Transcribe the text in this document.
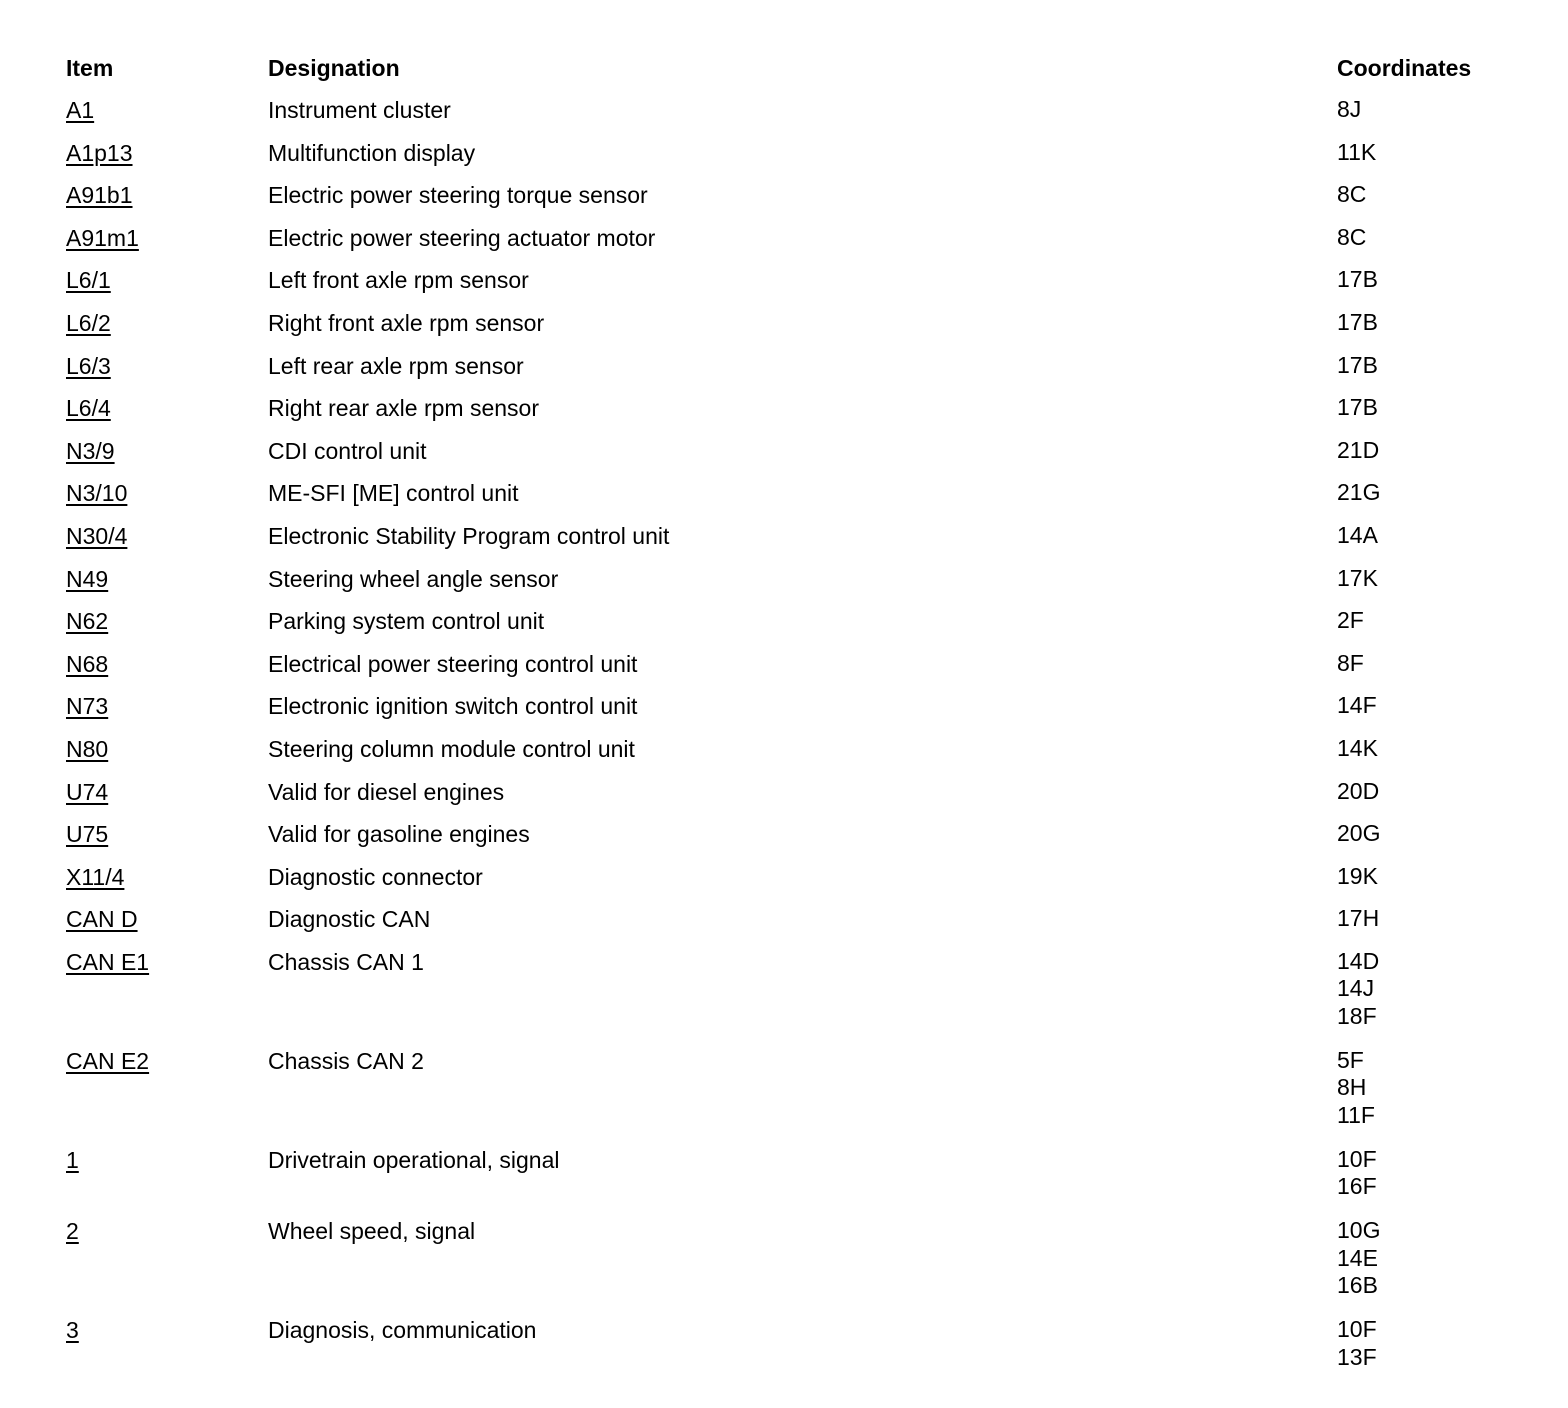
Item	Designation	Coordinates
A1	Instrument cluster	8J
A1p13	Multifunction display	11K
A91b1	Electric power steering torque sensor	8C
A91m1	Electric power steering actuator motor	8C
L6/1	Left front axle rpm sensor	17B
L6/2	Right front axle rpm sensor	17B
L6/3	Left rear axle rpm sensor	17B
L6/4	Right rear axle rpm sensor	17B
N3/9	CDI control unit	21D
N3/10	ME-SFI [ME] control unit	21G
N30/4	Electronic Stability Program control unit	14A
N49	Steering wheel angle sensor	17K
N62	Parking system control unit	2F
N68	Electrical power steering control unit	8F
N73	Electronic ignition switch control unit	14F
N80	Steering column module control unit	14K
U74	Valid for diesel engines	20D
U75	Valid for gasoline engines	20G
X11/4	Diagnostic connector	19K
CAN D	Diagnostic CAN	17H
CAN E1	Chassis CAN 1	14D
14J
18F
CAN E2	Chassis CAN 2	5F
8H
11F
1	Drivetrain operational, signal	10F
16F
2	Wheel speed, signal	10G
14E
16B
3	Diagnosis, communication	10F
13F
